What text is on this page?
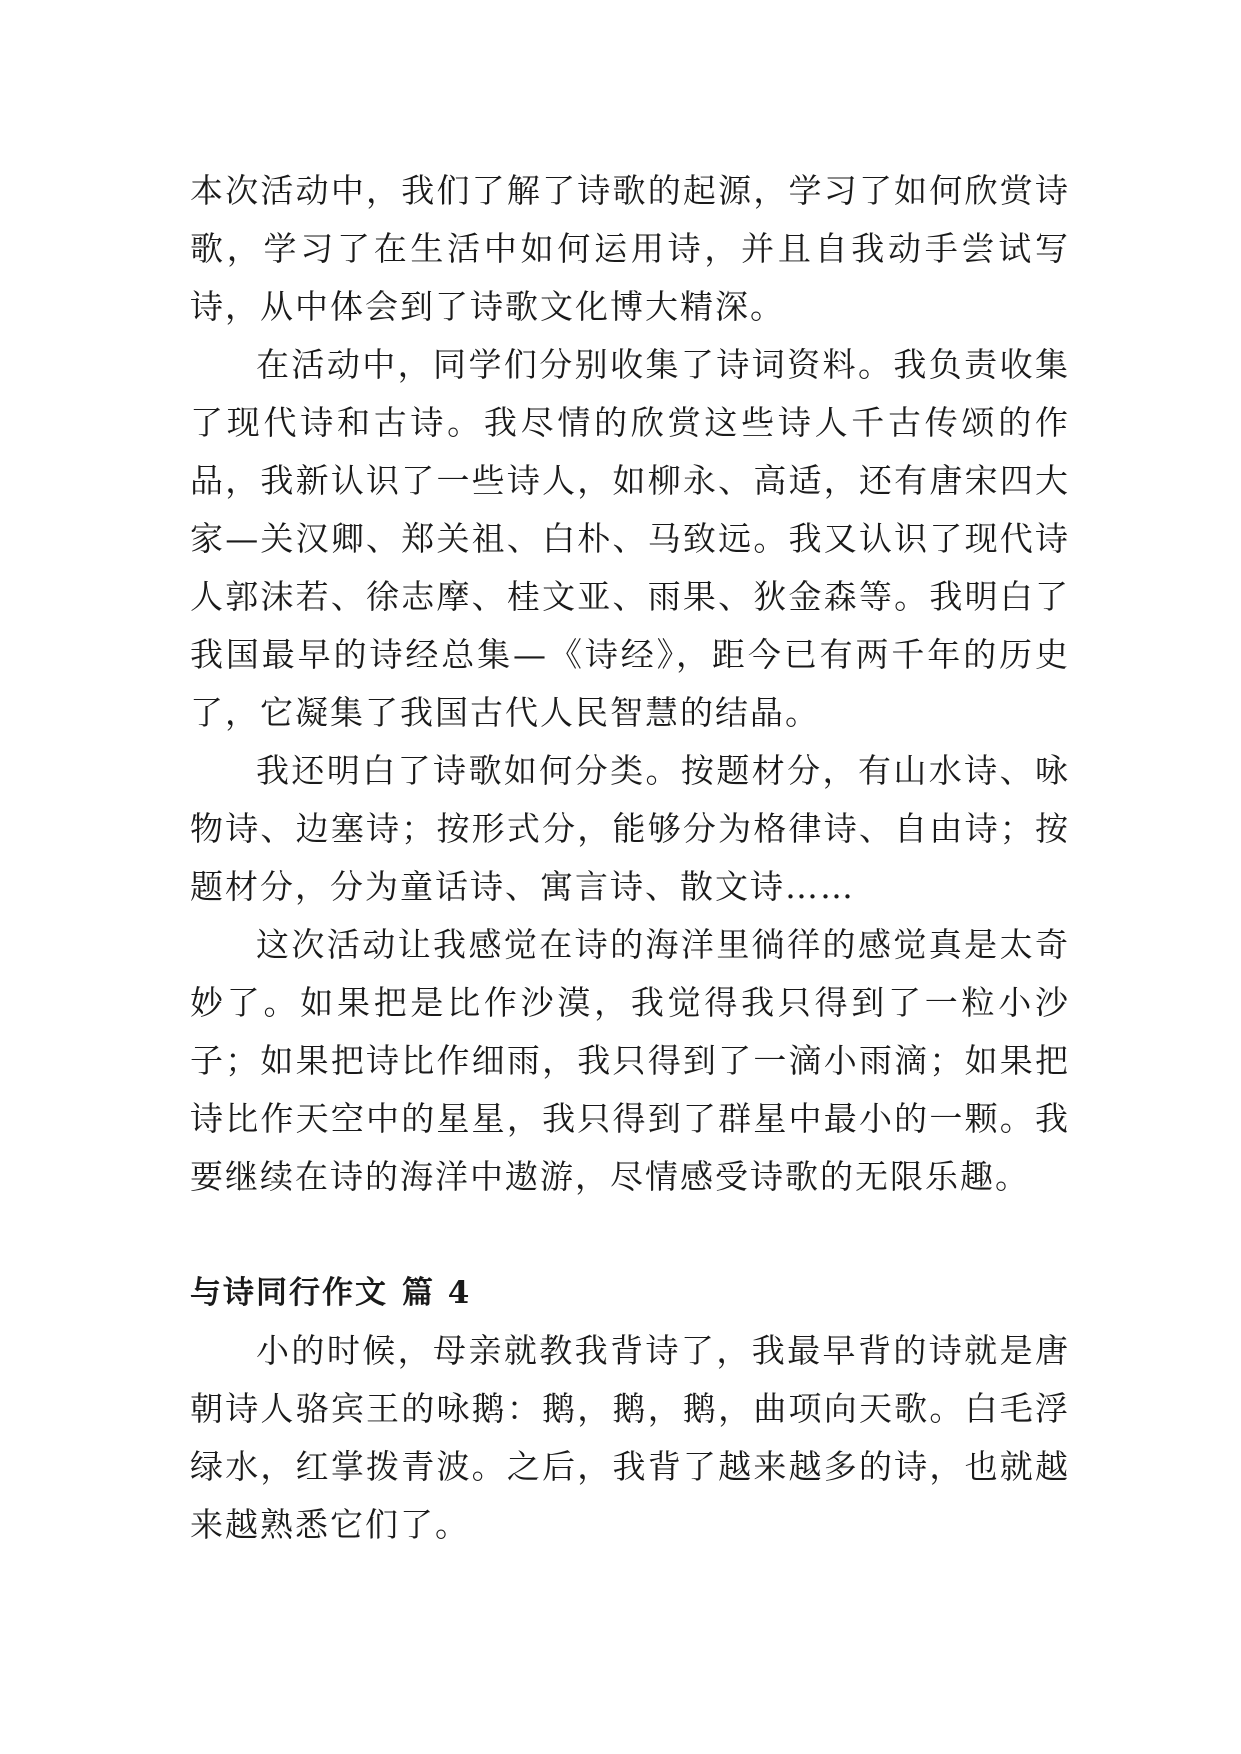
本次活动中，我们了解了诗歌的起源，学习了如何欣赏诗歌，学习了在生活中如何运用诗，并且自我动手尝试写诗，从中体会到了诗歌文化博大精深。

在活动中，同学们分别收集了诗词资料。我负责收集了现代诗和古诗。我尽情的欣赏这些诗人千古传颂的作品，我新认识了一些诗人，如柳永、高适，还有唐宋四大家—关汉卿、郑关祖、白朴、马致远。我又认识了现代诗人郭沫若、徐志摩、桂文亚、雨果、狄金森等。我明白了我国最早的诗经总集—《诗经》，距今已有两千年的历史了，它凝集了我国古代人民智慧的结晶。

我还明白了诗歌如何分类。按题材分，有山水诗、咏物诗、边塞诗；按形式分，能够分为格律诗、自由诗；按题材分，分为童话诗、寓言诗、散文诗……

这次活动让我感觉在诗的海洋里徜徉的感觉真是太奇妙了。如果把是比作沙漠，我觉得我只得到了一粒小沙子；如果把诗比作细雨，我只得到了一滴小雨滴；如果把诗比作天空中的星星，我只得到了群星中最小的一颗。我要继续在诗的海洋中遨游，尽情感受诗歌的无限乐趣。

与诗同行作文 篇 4

小的时候，母亲就教我背诗了，我最早背的诗就是唐朝诗人骆宾王的咏鹅：鹅，鹅，鹅，曲项向天歌。白毛浮绿水，红掌拨青波。之后，我背了越来越多的诗，也就越来越熟悉它们了。
